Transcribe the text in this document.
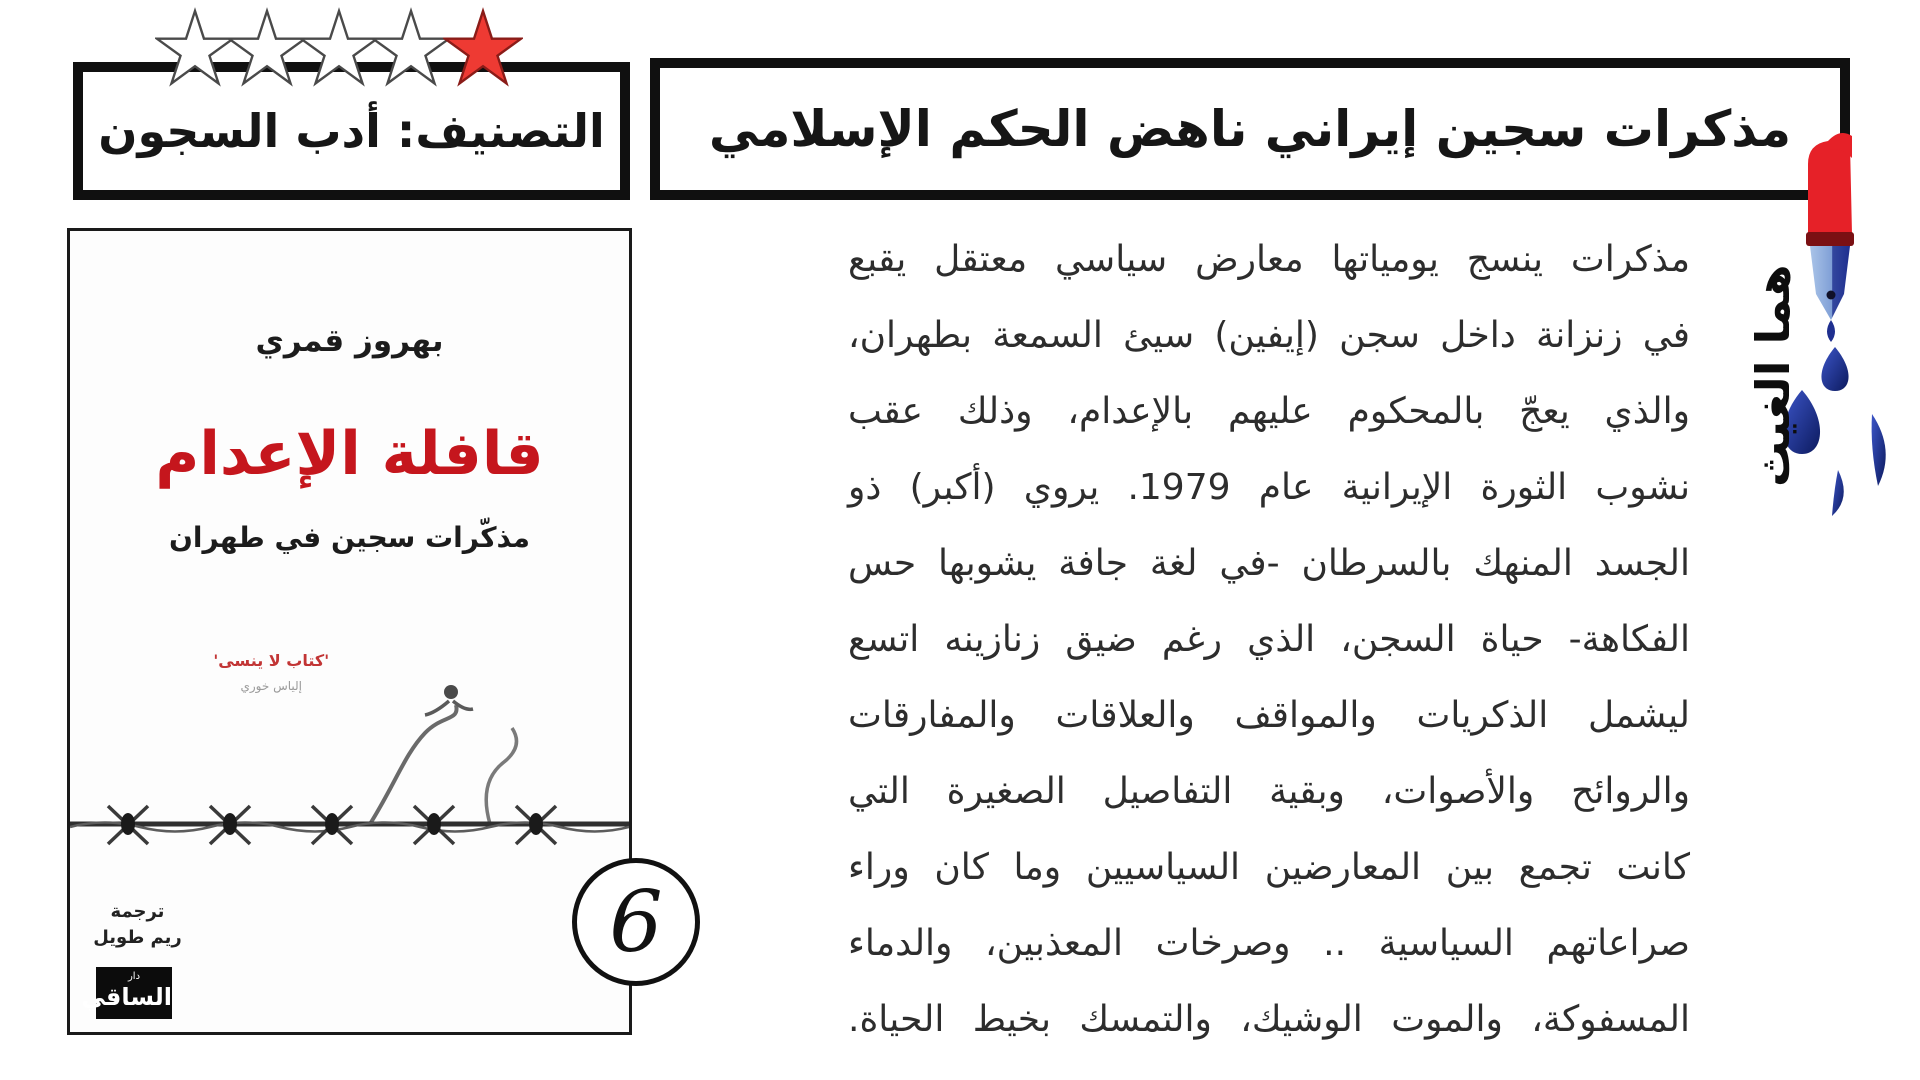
التصنيف: أدب السجون مذكرات سجين إيراني ناهض الحكم الإسلامي
بهروز قمري
قافلة الإعدام
مذكّرات سجين في طهران
'كتاب لا ينسى'
إلياس خوري
ترجمة
ريم طويل
دار
الساقي
6
مذكرات ينسج يومياتها معارض سياسي معتقل يقبع
في زنزانة داخل سجن (إيفين) سيئ السمعة بطهران،
والذي يعجّ بالمحكوم عليهم بالإعدام، وذلك عقب
نشوب الثورة الإيرانية عام 1979. يروي (أكبر) ذو
الجسد المنهك بالسرطان -في لغة جافة يشوبها حس
الفكاهة- حياة السجن، الذي رغم ضيق زنازينه اتسع
ليشمل الذكريات والمواقف والعلاقات والمفارقات
والروائح والأصوات، وبقية التفاصيل الصغيرة التي
كانت تجمع بين المعارضين السياسيين وما كان وراء
صراعاتهم السياسية .. وصرخات المعذبين، والدماء
المسفوكة، والموت الوشيك، والتمسك بخيط الحياة.
هما الغيث
